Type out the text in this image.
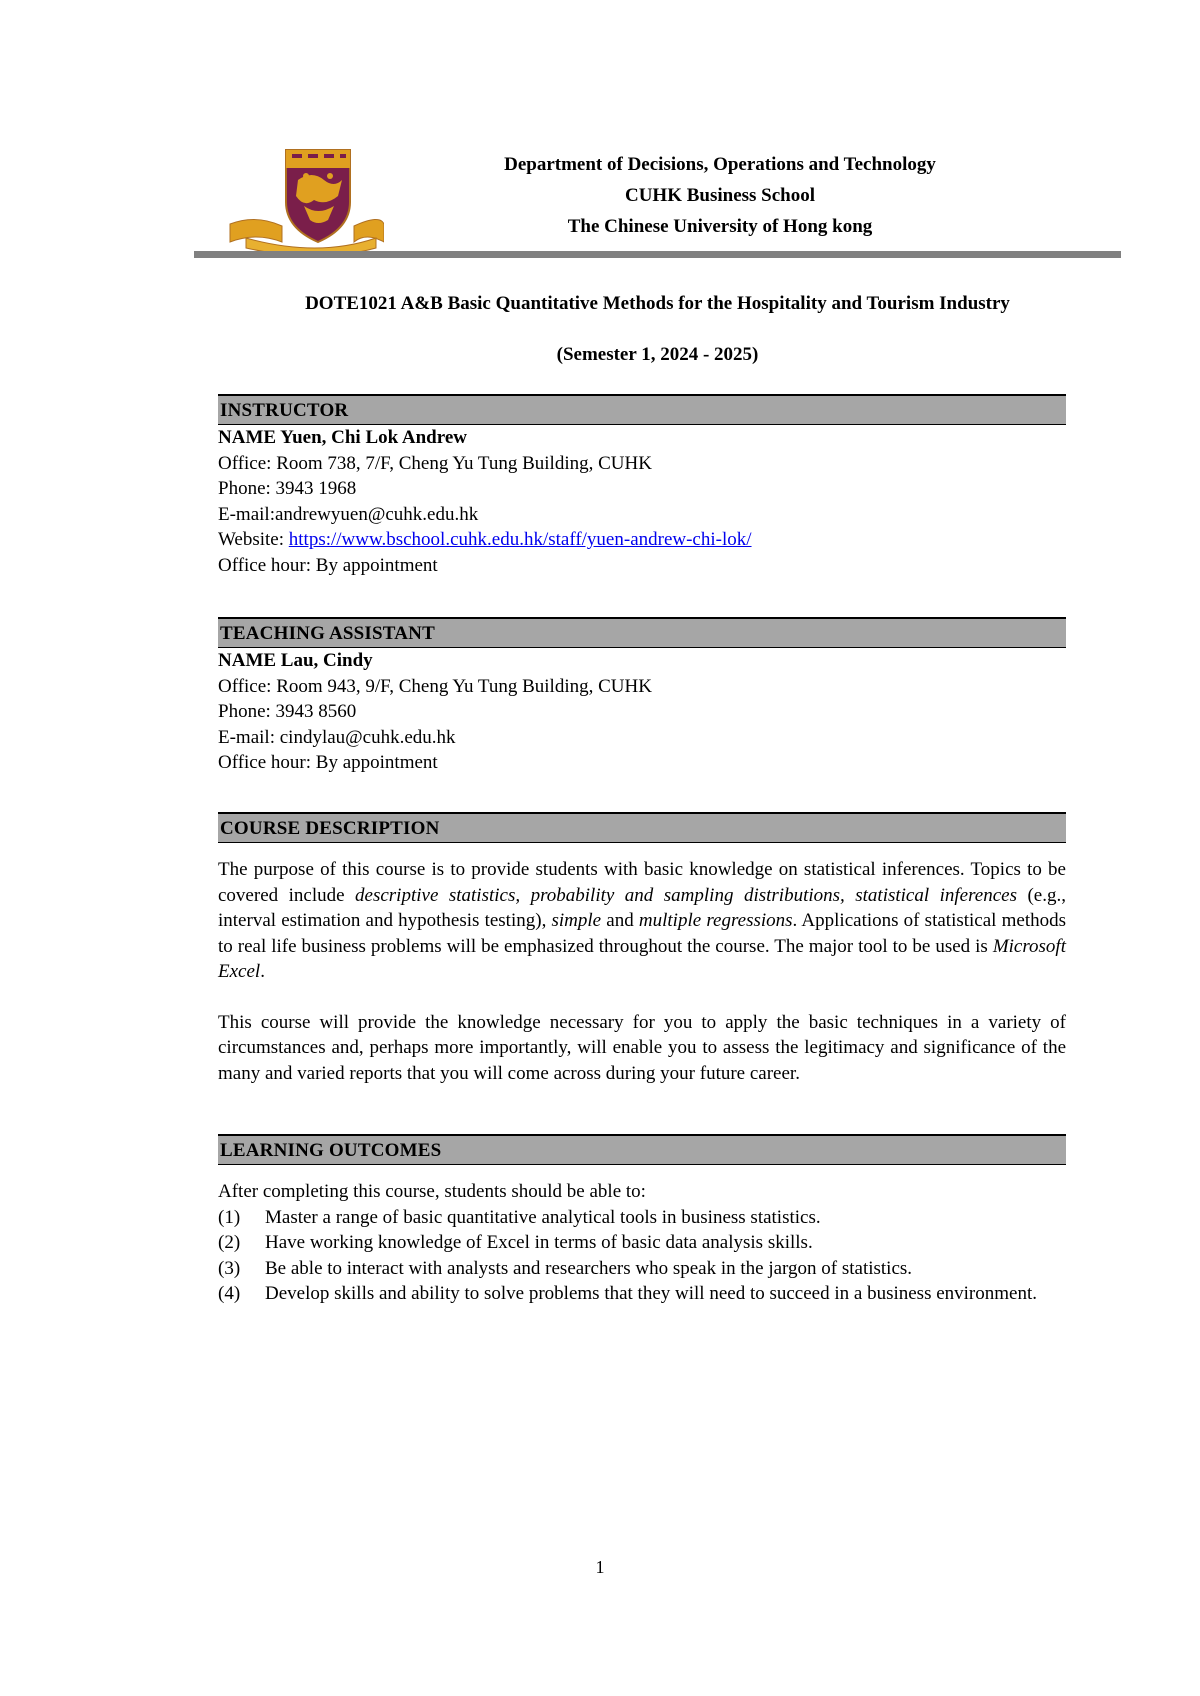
Department of Decisions, Operations and Technology
CUHK Business School
The Chinese University of Hong kong
DOTE1021 A&B Basic Quantitative Methods for the Hospitality and Tourism Industry
(Semester 1, 2024 - 2025)
INSTRUCTOR
NAME Yuen, Chi Lok Andrew
Office: Room 738, 7/F, Cheng Yu Tung Building, CUHK
Phone: 3943 1968
E-mail:andrewyuen@cuhk.edu.hk
Website: https://www.bschool.cuhk.edu.hk/staff/yuen-andrew-chi-lok/
Office hour: By appointment
TEACHING ASSISTANT
NAME Lau, Cindy
Office: Room 943, 9/F, Cheng Yu Tung Building, CUHK
Phone: 3943 8560
E-mail: cindylau@cuhk.edu.hk
Office hour: By appointment
COURSE DESCRIPTION

The purpose of this course is to provide students with basic knowledge on statistical inferences. Topics to be covered include descriptive statistics, probability and sampling distributions, statistical inferences (e.g., interval estimation and hypothesis testing), simple and multiple regressions. Applications of statistical methods to real life business problems will be emphasized throughout the course. The major tool to be used is Microsoft Excel.

This course will provide the knowledge necessary for you to apply the basic techniques in a variety of circumstances and, perhaps more importantly, will enable you to assess the legitimacy and significance of the many and varied reports that you will come across during your future career.

LEARNING OUTCOMES
After completing this course, students should be able to:
(1) Master a range of basic quantitative analytical tools in business statistics.
(2) Have working knowledge of Excel in terms of basic data analysis skills.
(3) Be able to interact with analysts and researchers who speak in the jargon of statistics.
(4) Develop skills and ability to solve problems that they will need to succeed in a business environment.
1
